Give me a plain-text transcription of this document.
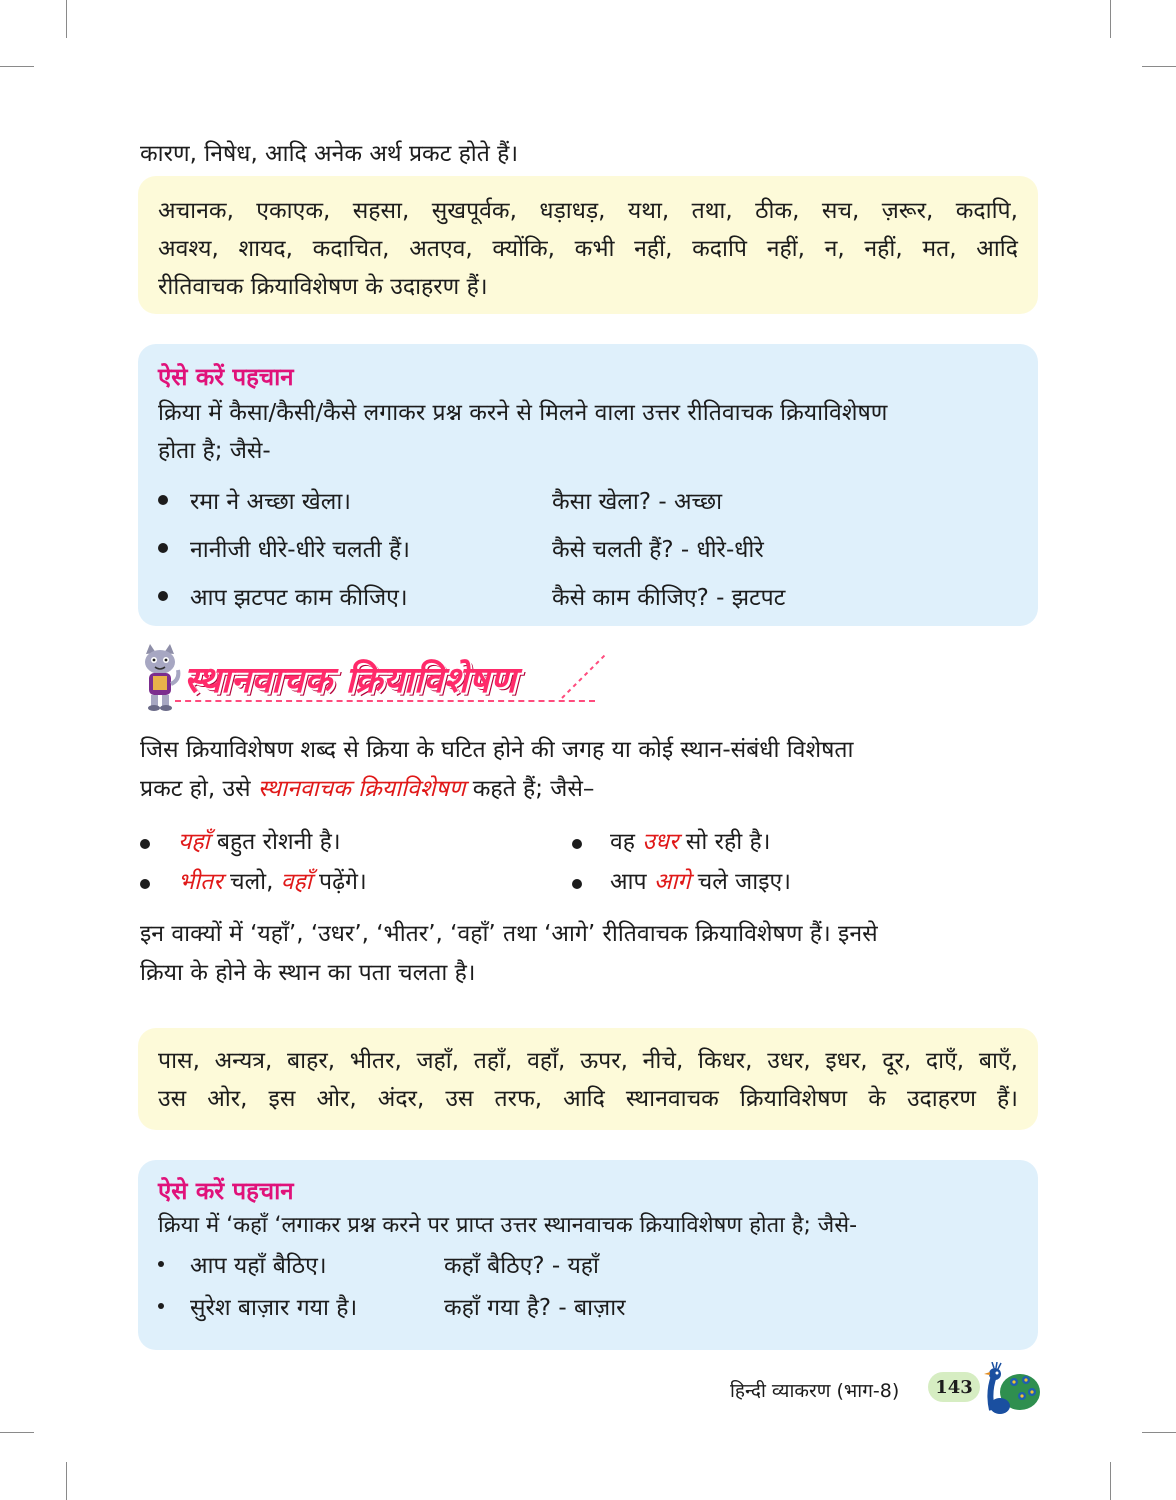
कारण, निषेध, आदि अनेक अर्थ प्रकट होते हैं।

अचानक, एकाएक, सहसा, सुखपूर्वक, धड़ाधड़, यथा, तथा, ठीक, सच, ज़रूर, कदापि,

अवश्य, शायद, कदाचित, अतएव, क्योंकि, कभी नहीं, कदापि नहीं, न, नहीं, मत, आदि

रीतिवाचक क्रियाविशेषण के उदाहरण हैं।

ऐसे करें पहचान

क्रिया में कैसा/कैसी/कैसे लगाकर प्रश्न करने से मिलने वाला उत्तर रीतिवाचक क्रियाविशेषण

होता है; जैसे-

रमा ने अच्छा खेला।	कैसा खेला? - अच्छा
नानीजी धीरे-धीरे चलती हैं।	कैसे चलती हैं? - धीरे-धीरे
आप झटपट काम कीजिए।	कैसे काम कीजिए? - झटपट
स्थानवाचक क्रियाविशेषण
जिस क्रियाविशेषण शब्द से क्रिया के घटित होने की जगह या कोई स्थान-संबंधी विशेषता
प्रकट हो, उसे स्थानवाचक क्रियाविशेषण कहते हैं; जैसे–
यहाँ बहुत रोशनी है।	वह उधर सो रही है।
भीतर चलो, वहाँ पढ़ेंगे।	आप आगे चले जाइए।
इन वाक्यों में ‘यहाँ’, ‘उधर’, ‘भीतर’, ‘वहाँ’ तथा ‘आगे’ रीतिवाचक क्रियाविशेषण हैं। इनसे
क्रिया के होने के स्थान का पता चलता है।

पास, अन्यत्र, बाहर, भीतर, जहाँ, तहाँ, वहाँ, ऊपर, नीचे, किधर, उधर, इधर, दूर, दाएँ, बाएँ,

उस ओर, इस ओर, अंदर, उस तरफ, आदि स्थानवाचक क्रियाविशेषण के उदाहरण हैं।

ऐसे करें पहचान

क्रिया में ‘कहाँ ‘लगाकर प्रश्न करने पर प्राप्त उत्तर स्थानवाचक क्रियाविशेषण होता है; जैसे-

आप यहाँ बैठिए।	कहाँ बैठिए? - यहाँ
सुरेश बाज़ार गया है।	कहाँ गया है? - बाज़ार
हिन्दी व्याकरण (भाग-8)	143
